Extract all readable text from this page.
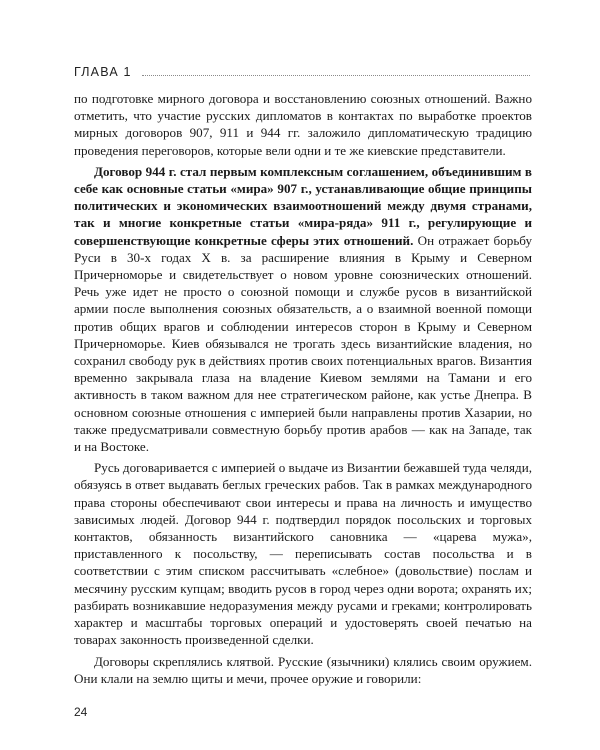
ГЛАВА 1

по подготовке мирного договора и восстановлению союзных отношений. Важно отметить, что участие русских дипломатов в контактах по выработке проектов мирных договоров 907, 911 и 944 гг. заложило дипломатическую традицию проведения переговоров, которые вели одни и те же киевские представители.

Договор 944 г. стал первым комплексным соглашением, объединившим в себе как основные статьи «мира» 907 г., устанавливающие общие принципы политических и экономических взаимоотношений между двумя странами, так и многие конкретные статьи «мира-ряда» 911 г., регулирующие и совершенствующие конкретные сферы этих отношений. Он отражает борьбу Руси в 30-х годах X в. за расширение влияния в Крыму и Северном Причерноморье и свидетельствует о новом уровне союзнических отношений. Речь уже идет не просто о союзной помощи и службе русов в византийской армии после выполнения союзных обязательств, а о взаимной военной помощи против общих врагов и соблюдении интересов сторон в Крыму и Северном Причерноморье. Киев обязывался не трогать здесь византийские владения, но сохранил свободу рук в действиях против своих потенциальных врагов. Византия временно закрывала глаза на владение Киевом землями на Тамани и его активность в таком важном для нее стратегическом районе, как устье Днепра. В основном союзные отношения с империей были направлены против Хазарии, но также предусматривали совместную борьбу против арабов — как на Западе, так и на Востоке.

Русь договаривается с империей о выдаче из Византии бежавшей туда челяди, обязуясь в ответ выдавать беглых греческих рабов. Так в рамках международного права стороны обеспечивают свои интересы и права на личность и имущество зависимых людей. Договор 944 г. подтвердил порядок посольских и торговых контактов, обязанность византийского сановника — «царева мужа», приставленного к посольству, — переписывать состав посольства и в соответствии с этим списком рассчитывать «слебное» (довольствие) послам и месячину русским купцам; вводить русов в город через одни ворота; охранять их; разбирать возникавшие недоразумения между русами и греками; контролировать характер и масштабы торговых операций и удостоверять своей печатью на товарах законность произведенной сделки.

Договоры скреплялись клятвой. Русские (язычники) клялись своим оружием. Они клали на землю щиты и мечи, прочее оружие и говорили:

24
